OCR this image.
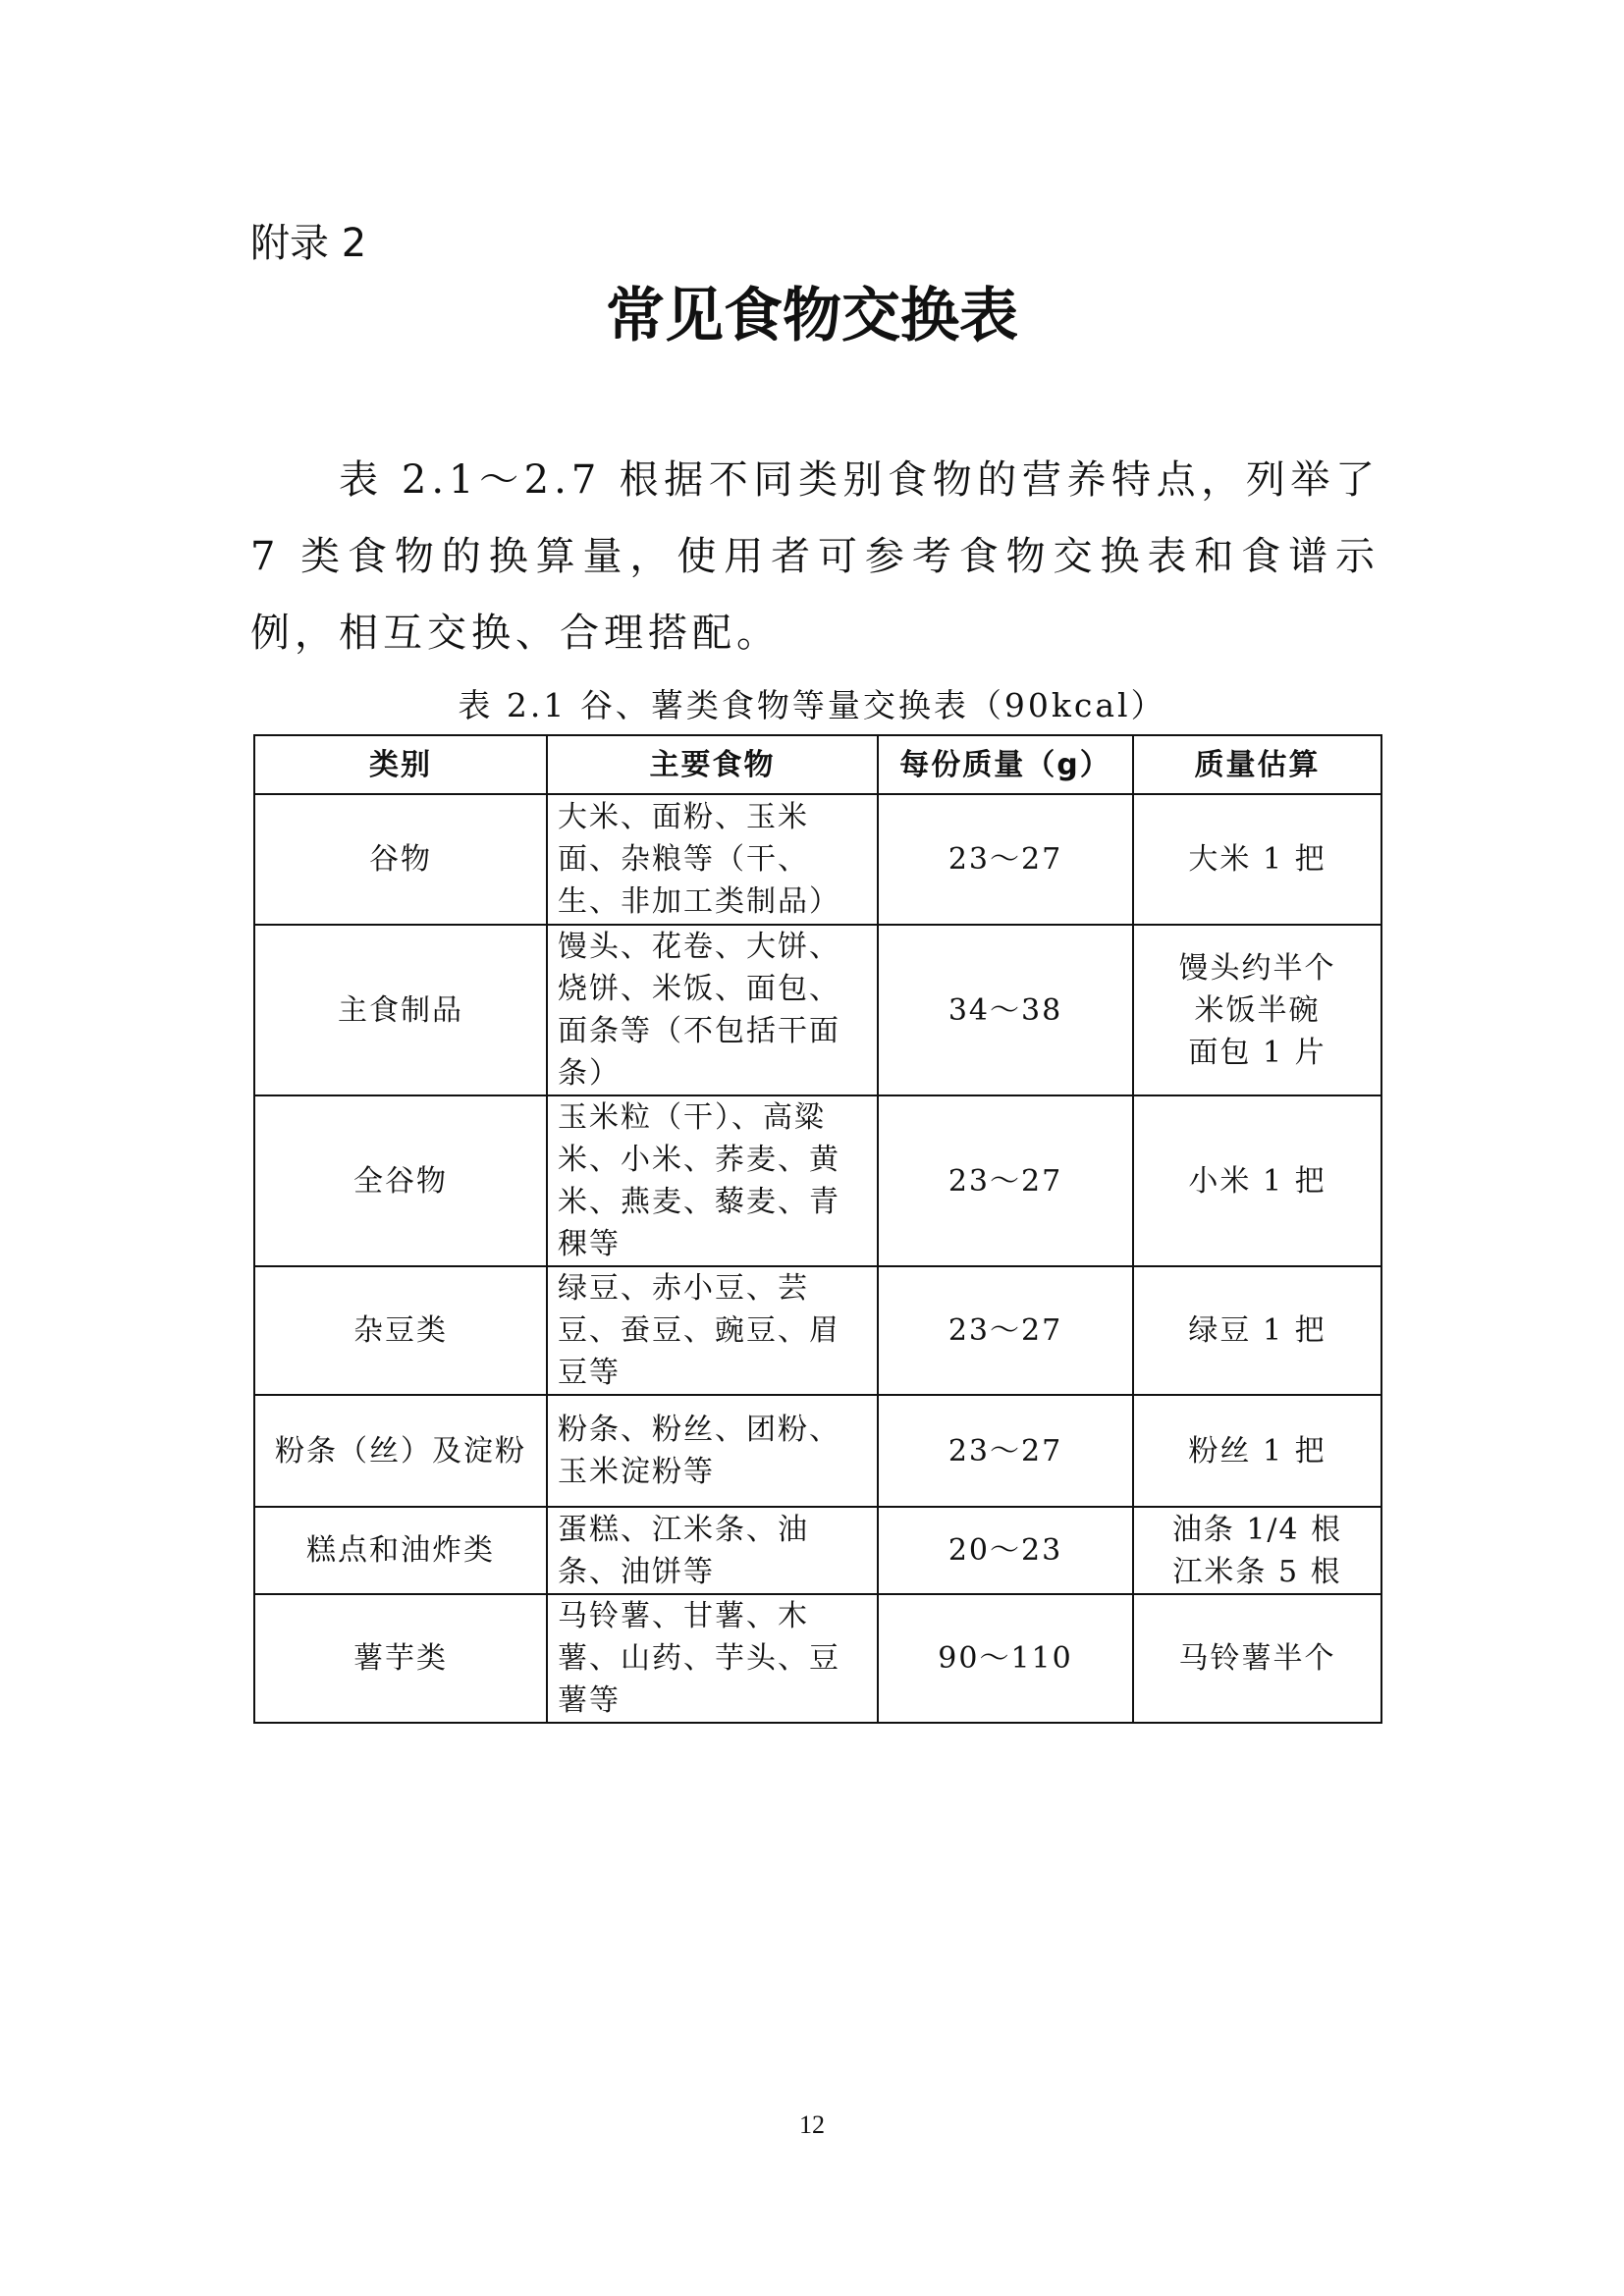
附录 2
常见食物交换表

表 2.1～2.7 根据不同类别食物的营养特点，列举了 7 类食物的换算量，使用者可参考食物交换表和食谱示例，相互交换、合理搭配。

表 2.1 谷、薯类食物等量交换表（90kcal）
类别	主要食物	每份质量（g）	质量估算
谷物	大米、面粉、玉米面、杂粮等（干、生、非加工类制品）	23～27	大米 1 把

主食制品	馒头、花卷、大饼、烧饼、米饭、面包、面条等（不包括干面条）	34～38	馒头约半个
米饭半碗
面包 1 片

全谷物	玉米粒（干）、高粱米、小米、荞麦、黄米、燕麦、藜麦、青稞等	23～27	小米 1 把

杂豆类	绿豆、赤小豆、芸豆、蚕豆、豌豆、眉豆等	23～27	绿豆 1 把

粉条（丝）及淀粉	粉条、粉丝、团粉、玉米淀粉等	23～27	粉丝 1 把

糕点和油炸类	蛋糕、江米条、油条、油饼等	20～23	油条 1/4 根
江米条 5 根

薯芋类	马铃薯、甘薯、木薯、山药、芋头、豆薯等	90～110	马铃薯半个
12
